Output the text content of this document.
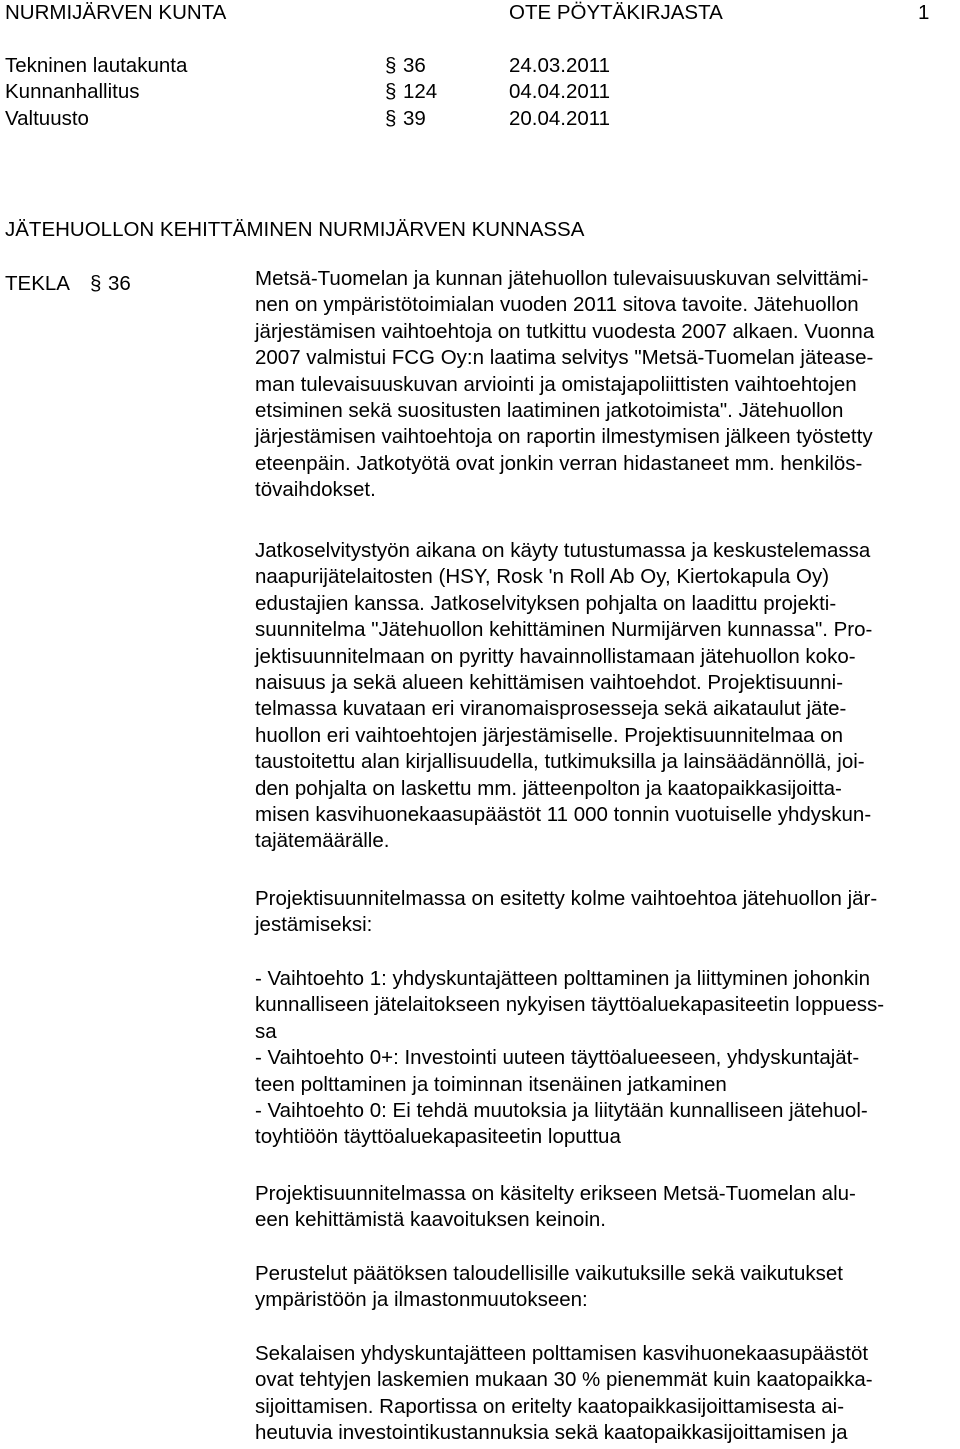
NURMIJÄRVEN KUNTA	OTE PÖYTÄKIRJASTA	1
Tekninen lautakunta	§ 36	24.03.2011
Kunnanhallitus	§ 124	04.04.2011
Valtuusto	§ 39	20.04.2011
JÄTEHUOLLON KEHITTÄMINEN NURMIJÄRVEN KUNNASSA
TEKLA § 36	Metsä-Tuomelan ja kunnan jätehuollon tulevaisuuskuvan selvittämi-
nen on ympäristötoimialan vuoden 2011 sitova tavoite. Jätehuollon
järjestämisen vaihtoehtoja on tutkittu vuodesta 2007 alkaen. Vuonna
2007 valmistui FCG Oy:n laatima selvitys "Metsä-Tuomelan jätease-
man tulevaisuuskuvan arviointi ja omistajapoliittisten vaihtoehtojen
etsiminen sekä suositusten laatiminen jatkotoimista". Jätehuollon
järjestämisen vaihtoehtoja on raportin ilmestymisen jälkeen työstetty
eteenpäin. Jatkotyötä ovat jonkin verran hidastaneet mm. henkilös-
tövaihdokset.
Jatkoselvitystyön aikana on käyty tutustumassa ja keskustelemassa
naapurijätelaitosten (HSY, Rosk 'n Roll Ab Oy, Kiertokapula Oy)
edustajien kanssa. Jatkoselvityksen pohjalta on laadittu projekti-
suunnitelma "Jätehuollon kehittäminen Nurmijärven kunnassa". Pro-
jektisuunnitelmaan on pyritty havainnollistamaan jätehuollon koko-
naisuus ja sekä alueen kehittämisen vaihtoehdot. Projektisuunni-
telmassa kuvataan eri viranomaisprosesseja sekä aikataulut jäte-
huollon eri vaihtoehtojen järjestämiselle. Projektisuunnitelmaa on
taustoitettu alan kirjallisuudella, tutkimuksilla ja lainsäädännöllä, joi-
den pohjalta on laskettu mm. jätteenpolton ja kaatopaikkasijoitta-
misen kasvihuonekaasupäästöt 11 000 tonnin vuotuiselle yhdyskun-
tajätemäärälle.
Projektisuunnitelmassa on esitetty kolme vaihtoehtoa jätehuollon jär-
jestämiseksi:
- Vaihtoehto 1: yhdyskuntajätteen polttaminen ja liittyminen johonkin
kunnalliseen jätelaitokseen nykyisen täyttöaluekapasiteetin loppuess-
sa
- Vaihtoehto 0+: Investointi uuteen täyttöalueeseen, yhdyskuntajät-
teen polttaminen ja toiminnan itsenäinen jatkaminen
- Vaihtoehto 0: Ei tehdä muutoksia ja liitytään kunnalliseen jätehuol-
toyhtiöön täyttöaluekapasiteetin loputtua
Projektisuunnitelmassa on käsitelty erikseen Metsä-Tuomelan alu-
een kehittämistä kaavoituksen keinoin.
Perustelut päätöksen taloudellisille vaikutuksille sekä vaikutukset
ympäristöön ja ilmastonmuutokseen:
Sekalaisen yhdyskuntajätteen polttamisen kasvihuonekaasupäästöt
ovat tehtyjen laskemien mukaan 30 % pienemmät kuin kaatopaikka-
sijoittamisen. Raportissa on eritelty kaatopaikkasijoittamisesta ai-
heutuvia investointikustannuksia sekä kaatopaikkasijoittamisen ja
